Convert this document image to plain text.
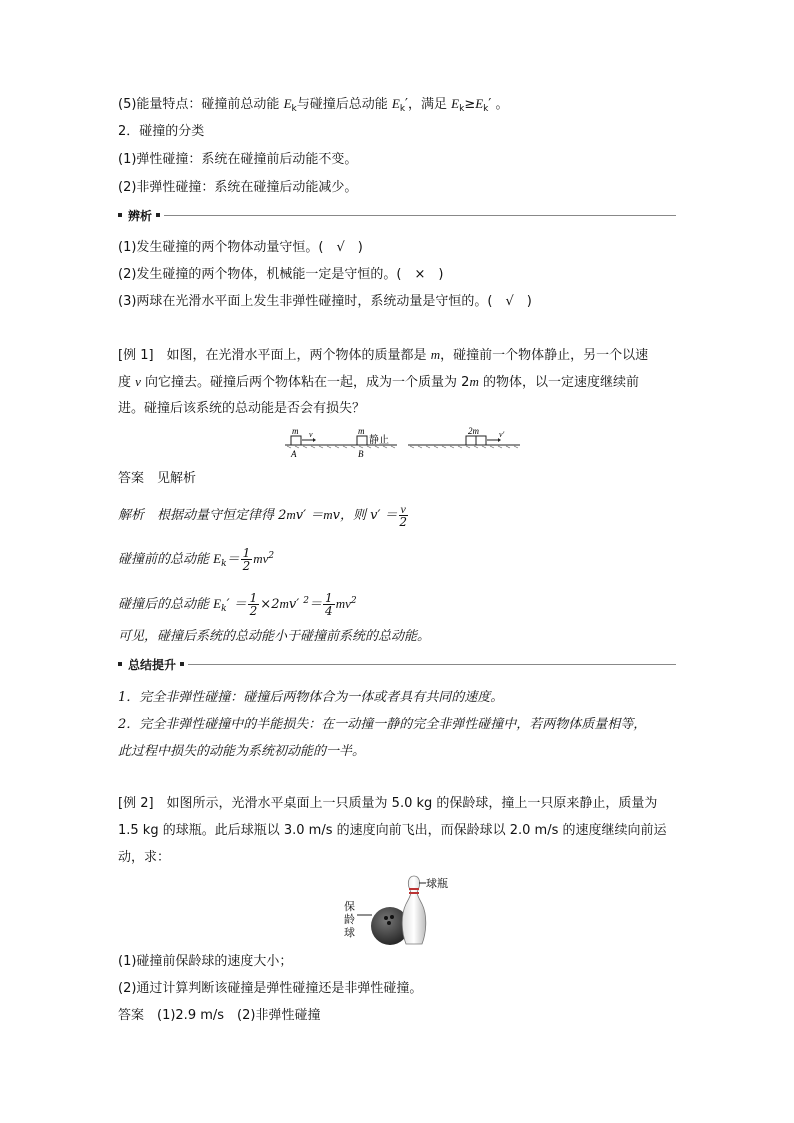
(5)能量特点：碰撞前总动能 $E_k$与碰撞后总动能 $E_k'$，满足 $E_k\ge E_k'$ 。
2．碰撞的分类
(1)弹性碰撞：系统在碰撞前后动能不变。
(2)非弹性碰撞：系统在碰撞后动能减少。
辨析
(1)发生碰撞的两个物体动量守恒。(　√　)
(2)发生碰撞的两个物体，机械能一定是守恒的。(　×　)
(3)两球在光滑水平面上发生非弹性碰撞时，系统动量是守恒的。(　√　)
[例 1]　如图，在光滑水平面上，两个物体的质量都是 m，碰撞前一个物体静止，另一个以速
度 v 向它撞去。碰撞后两个物体粘在一起，成为一个质量为 2m 的物体，以一定速度继续前
进。碰撞后该系统的总动能是否会有损失？
m v
A
m
静止
B
2m	v′
答案　见解析
解析　根据动量守恒定律得 2mv′ ＝mv，则 $v' = \frac{v}{2}$
碰撞前的总动能 $E_k= \frac{1}{2} mv^2$
碰撞后的总动能 $E_k' = \frac{1}{2} \times 2mv'$ $^2= \frac{1}{4} mv^2$
可见，碰撞后系统的总动能小于碰撞前系统的总动能。
总结提升
1．完全非弹性碰撞：碰撞后两物体合为一体或者具有共同的速度。
2．完全非弹性碰撞中的半能损失：在一动撞一静的完全非弹性碰撞中，若两物体质量相等，
此过程中损失的动能为系统初动能的一半。
[例 2]　如图所示，光滑水平桌面上一只质量为 5.0 kg 的保龄球，撞上一只原来静止，质量为
1.5 kg 的球瓶。此后球瓶以 3.0 m/s 的速度向前飞出，而保龄球以 2.0 m/s 的速度继续向前运
动，求：
球瓶
保龄球
(1)碰撞前保龄球的速度大小；
(2)通过计算判断该碰撞是弹性碰撞还是非弹性碰撞。
答案　(1)2.9 m/s　(2)非弹性碰撞
